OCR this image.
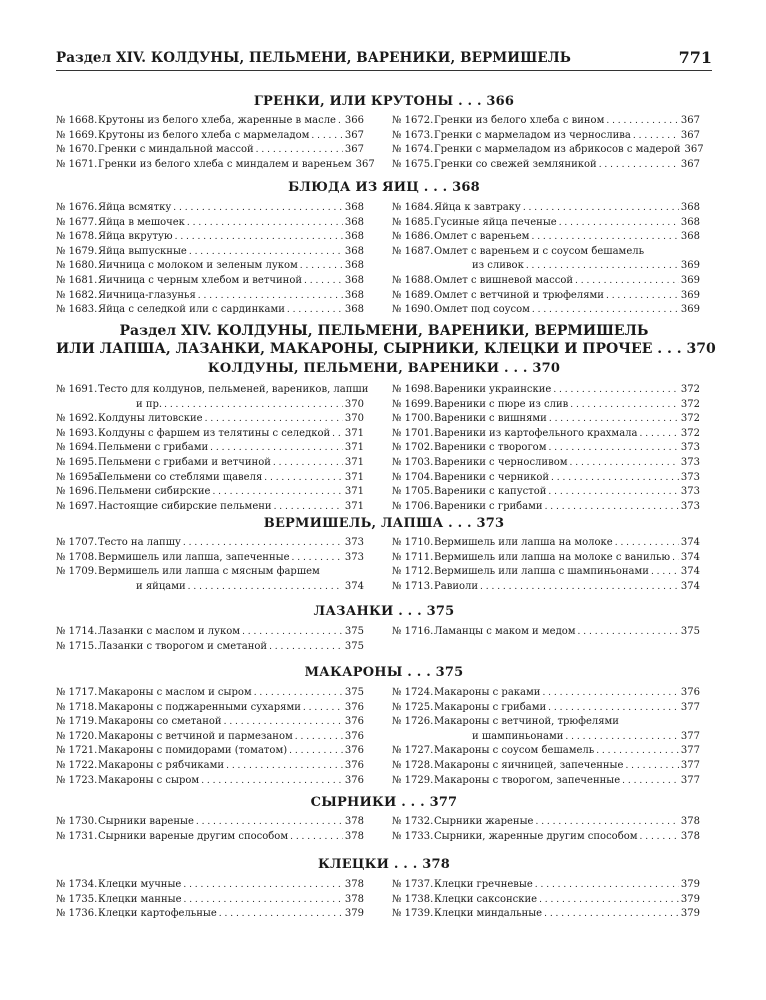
Раздел XIV. КОЛДУНЫ, ПЕЛЬМЕНИ, ВАРЕНИКИ, ВЕРМИШЕЛЬ	771
ГРЕНКИ, ИЛИ КРУТОНЫ . . . 366
№ 1668. Крутоны из белого хлеба, жаренные в масле . . . 366
№ 1669. Крутоны из белого хлеба с мармеладом . . .	367
№ 1670. Гренки с миндальной массой . . .	367
№ 1671. Гренки из белого хлеба с миндалем и вареньем 367
№ 1672. Гренки из белого хлеба с вином . . .	367
№ 1673. Гренки с мармеладом из чернослива . . .	367
№ 1674. Гренки с мармеладом из абрикосов с мадерой 367
№ 1675. Гренки со свежей земляникой . . .	367
БЛЮДА ИЗ ЯИЦ . . . 368
№ 1676. Яйца всмятку . . .	368
№ 1677. Яйца в мешочек . . .	368
№ 1678. Яйца вкрутую . . .	368
№ 1679. Яйца выпускные . . .	368
№ 1680. Яичница с молоком и зеленым луком . . .	368
№ 1681. Яичница с черным хлебом и ветчиной . . .	368
№ 1682. Яичница-глазунья . . .	368
№ 1683. Яйца с селедкой или с сардинками . . .	368
№ 1684. Яйца к завтраку . . .	368
№ 1685. Гусиные яйца печеные . . .	368
№ 1686. Омлет с вареньем . . .	368
№ 1687. Омлет с вареньем и с соусом бешамель
из сливок . . .	369
№ 1688. Омлет с вишневой массой . . .	369
№ 1689. Омлет с ветчиной и трюфелями . . .	369
№ 1690. Омлет под соусом . . .	369
Раздел XIV. КОЛДУНЫ, ПЕЛЬМЕНИ, ВАРЕНИКИ, ВЕРМИШЕЛЬ
ИЛИ ЛАПША, ЛАЗАНКИ, МАКАРОНЫ, СЫРНИКИ, КЛЕЦКИ И ПРОЧЕЕ . . . 370
КОЛДУНЫ, ПЕЛЬМЕНИ, ВАРЕНИКИ . . . 370
№ 1691. Тесто для колдунов, пельменей, вареников, лапши
и пр. . . .	370
№ 1692. Колдуны литовские . . .	370
№ 1693. Колдуны с фаршем из телятины с селедкой . . . 371
№ 1694. Пельмени с грибами . . .	371
№ 1695. Пельмени с грибами и ветчиной . . .	371
№ 1695а.
Пельмени со стеблями щавеля . . .	371
№ 1696. Пельмени сибирские . . .	371
№ 1697. Настоящие сибирские пельмени . . .	371
№ 1698. Вареники украинские . . .	372
№ 1699. Вареники с пюре из слив . . .	372
№ 1700. Вареники с вишнями . . .	372
№ 1701. Вареники из картофельного крахмала . . .	372
№ 1702. Вареники с творогом . . .	373
№ 1703. Вареники с черносливом . . .	373
№ 1704. Вареники с черникой . . .	373
№ 1705. Вареники с капустой . . .	373
№ 1706. Вареники с грибами . . .	373
ВЕРМИШЕЛЬ, ЛАПША . . . 373
№ 1707. Тесто на лапшу . . .	373
№ 1708. Вермишель или лапша, запеченные . . .	373
№ 1709. Вермишель или лапша с мясным фаршем
и яйцами . . .	374
№ 1710. Вермишель или лапша на молоке . . .	374
№ 1711. Вермишель или лапша на молоке с ванилью . . . 374
№ 1712. Вермишель или лапша с шампиньонами . . .	374
№ 1713. Равиоли . . .	374
ЛАЗАНКИ . . . 375
№ 1714. Лазанки с маслом и луком . . .	375
№ 1715. Лазанки с творогом и сметаной . . .	375
№ 1716. Ламанцы с маком и медом . . .	375
МАКАРОНЫ . . . 375
№ 1717. Макароны с маслом и сыром . . .	375
№ 1718. Макароны с поджаренными сухарями . . .	376
№ 1719. Макароны со сметаной . . .	376
№ 1720. Макароны с ветчиной и пармезаном . . .	376
№ 1721. Макароны с помидорами (томатом) . . .	376
№ 1722. Макароны с рябчиками . . .	376
№ 1723. Макароны с сыром . . .	376
№ 1724. Макароны с раками . . .	376
№ 1725. Макароны с грибами . . .	377
№ 1726. Макароны с ветчиной, трюфелями
и шампиньонами . . .	377
№ 1727. Макароны с соусом бешамель . . .	377
№ 1728. Макароны с яичницей, запеченные . . .	377
№ 1729. Макароны с творогом, запеченные . . .	377
СЫРНИКИ . . . 377
№ 1730. Сырники вареные . . .	378
№ 1731. Сырники вареные другим способом . . .	378
№ 1732. Сырники жареные . . .	378
№ 1733. Сырники, жаренные другим способом . . .	378
КЛЕЦКИ . . . 378
№ 1734. Клецки мучные . . .	378
№ 1735. Клецки манные . . .	378
№ 1736. Клецки картофельные . . .	379
№ 1737. Клецки гречневые . . .	379
№ 1738. Клецки саксонские . . .	379
№ 1739. Клецки миндальные . . .	379
